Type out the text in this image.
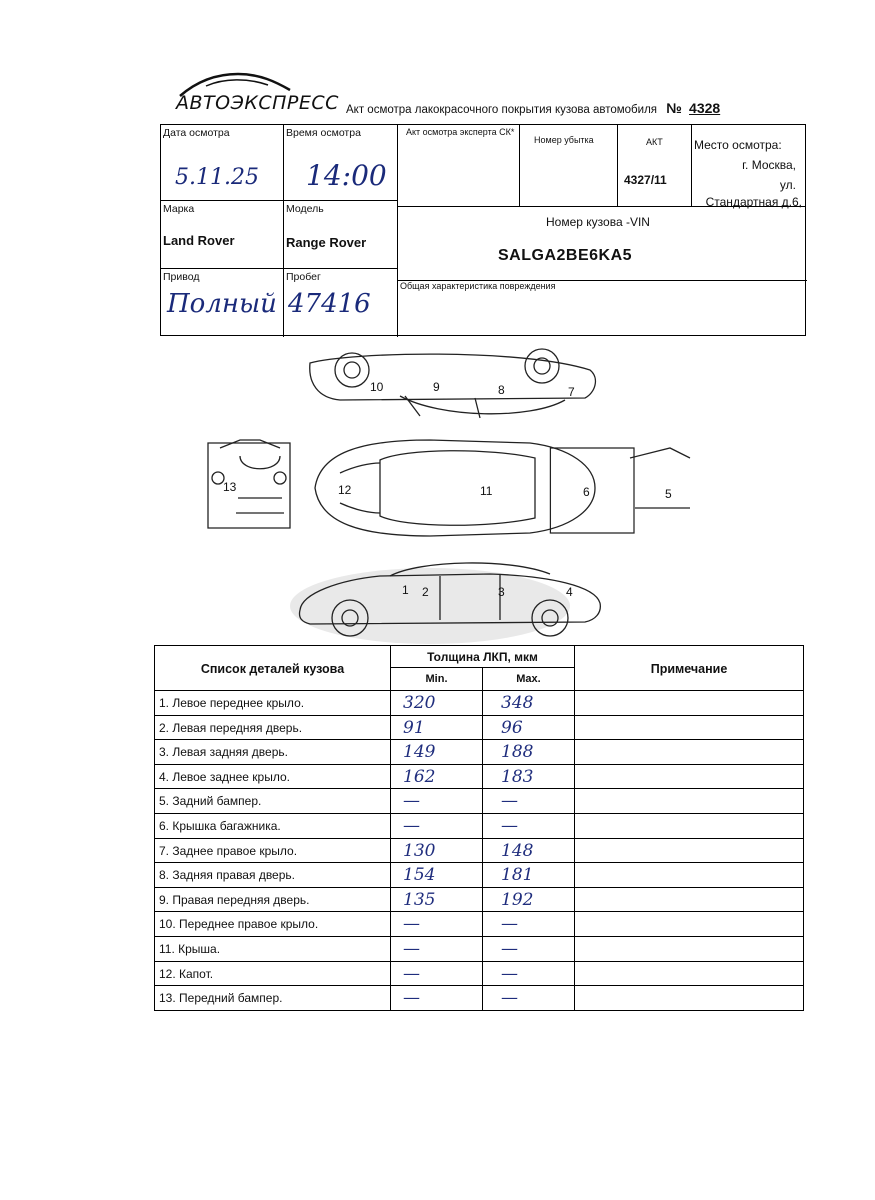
АВТОЭКСПРЕСС Акт осмотра лакокрасочного покрытия кузова автомобиля № 4328
Дата осмотра
5.11.25
Время осмотра
14:00
Акт осмотра эксперта СК*
Номер убытка	АКТ
4327/11
Место осмотра:
г. Москва,
ул.
Стандартная д.6,
Марка
Land Rover
Модель
Range Rover
Номер кузова -VIN
SALGA2BE6KA5
Привод
Полный
Пробег
47416
Общая характеристика повреждения
1 2	3	4
5
6
7
8
9
10
11
12
13
Список деталей кузова
Толщина ЛКП, мкм
Min.	Max.
Примечание
1. Левое переднее крыло.	320	348
2. Левая передняя дверь.	91	96
3. Левая задняя дверь.	149	188
4. Левое заднее крыло.	162	183
5. Задний бампер.	—	—
6. Крышка багажника.	—	—
7. Заднее правое крыло.	130	148
8. Задняя правая дверь.	154	181
9. Правая передняя дверь.	135	192
10. Переднее правое крыло.	—	—
11. Крыша.	—	—
12. Капот.	—	—
13. Передний бампер.	—	—
